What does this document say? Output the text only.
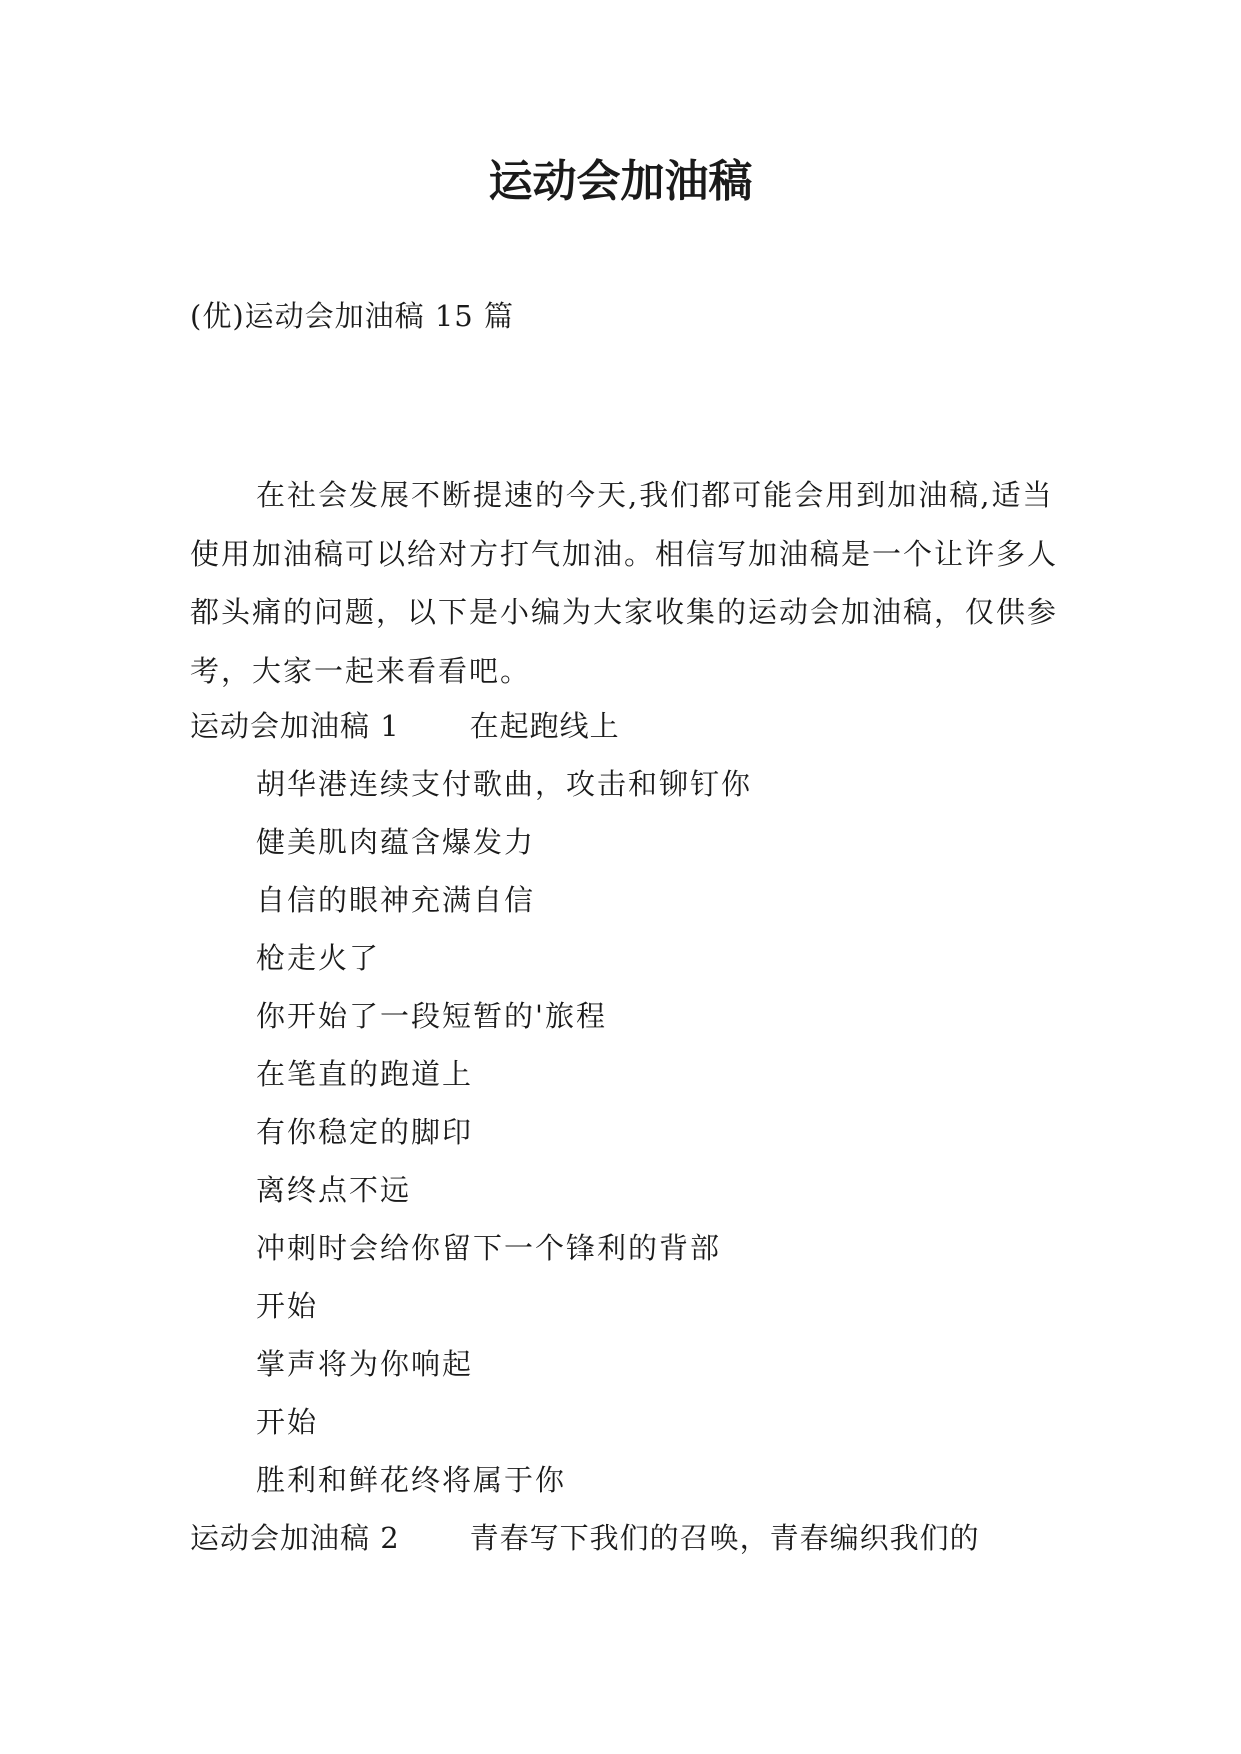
运动会加油稿
(优)运动会加油稿 15 篇

在社会发展不断提速的今天,我们都可能会用到加油稿,适当使用加油稿可以给对方打气加油。相信写加油稿是一个让许多人都头痛的问题，以下是小编为大家收集的运动会加油稿，仅供参考，大家一起来看看吧。

运动会加油稿 1 在起跑线上
胡华港连续支付歌曲，攻击和铆钉你
健美肌肉蕴含爆发力
自信的眼神充满自信
枪走火了
你开始了一段短暂的'旅程
在笔直的跑道上
有你稳定的脚印
离终点不远
冲刺时会给你留下一个锋利的背部
开始
掌声将为你响起
开始
胜利和鲜花终将属于你
运动会加油稿 2 青春写下我们的召唤，青春编织我们的
